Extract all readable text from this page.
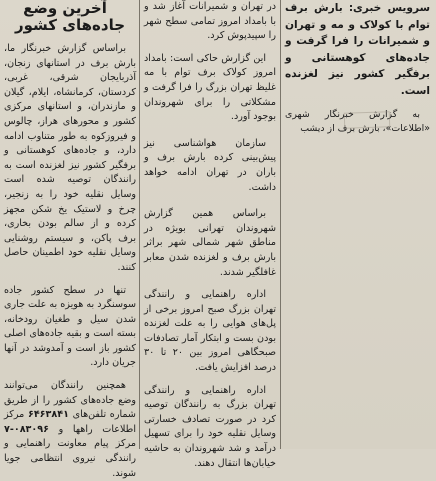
سرویس خبری: بارش برف توام با کولاک و مه و تهران و شمیرانات را فرا گرفت و جاده‌های کوهستانی و برفگیر کشور نیز لغزنده است.

به گزارش خبرنگار شهری «اطلاعات»، بارش برف از دیشب

در تهران و شمیرانات آغاز شد و با بامداد امروز تمامی سطح شهر را سپیدپوش کرد.

این گزارش حاکی است: بامداد امروز کولاک برف توام با مه غلیظ تهران بزرگ را فرا گرفت و مشکلاتی را برای شهروندان بوجود آورد.

سازمان هواشناسی نیز پیش‌بینی کرده بارش برف و باران در تهران ادامه خواهد داشت.

براساس همین گزارش شهروندان تهرانی بویژه در مناطق شهر شمالی شهر براثر بارش برف و لغزنده شدن معابر غافلگیر شدند.

اداره راهنمایی و رانندگی تهران بزرگ صبح امروز برخی از پل‌های هوایی را به علت لغزنده بودن بست و ابتکار آمار تصادفات صبحگاهی امروز بین ۲۰ تا ۳۰ درصد افزایش یافت.

اداره راهنمایی و رانندگی تهران بزرگ به رانندگان توصیه کرد در صورت تصادف خسارتی وسایل نقلیه خود را برای تسهیل درآمد و شد شهروندان به حاشیه خیابان‌ها انتقال دهند.

آخرین وضع جاده‌های کشور

براساس گزارش خبرنگار ما، بارش برف در استانهای زنجان، آذربایجان شرقی، غربی، کردستان، کرمانشاه، ایلام، گیلان و مازندران، و استانهای مرکزی کشور و محورهای هراز، چالوس و فیروزکوه به طور متناوب ادامه دارد، و جاده‌های کوهستانی و برفگیر کشور نیز لغزنده است به رانندگان توصیه شده است وسایل نقلیه خود را به زنجیر، چرخ و لاستیک یخ شکن مجهز کرده و از سالم بودن بخاری، برف پاکن، و سیستم روشنایی وسایل نقلیه خود اطمینان حاصل کنند.

تنها در سطح کشور جاده سوسنگرد به هویزه به علت جاری شدن سیل و طغیان رودخانه، بسته است و بقیه جاده‌های اصلی کشور باز است و آمدوشد در آنها جریان دارد.

همچنین رانندگان می‌توانند وضع جاده‌های کشور را از طریق شماره تلفن‌های ۶۴۶۳۸۴۱ مرکز اطلاعات راهها و ۰۸۳۰۹۶-۷ مرکز پیام معاونت راهنمایی و رانندگی نیروی انتظامی جویا شوند.
